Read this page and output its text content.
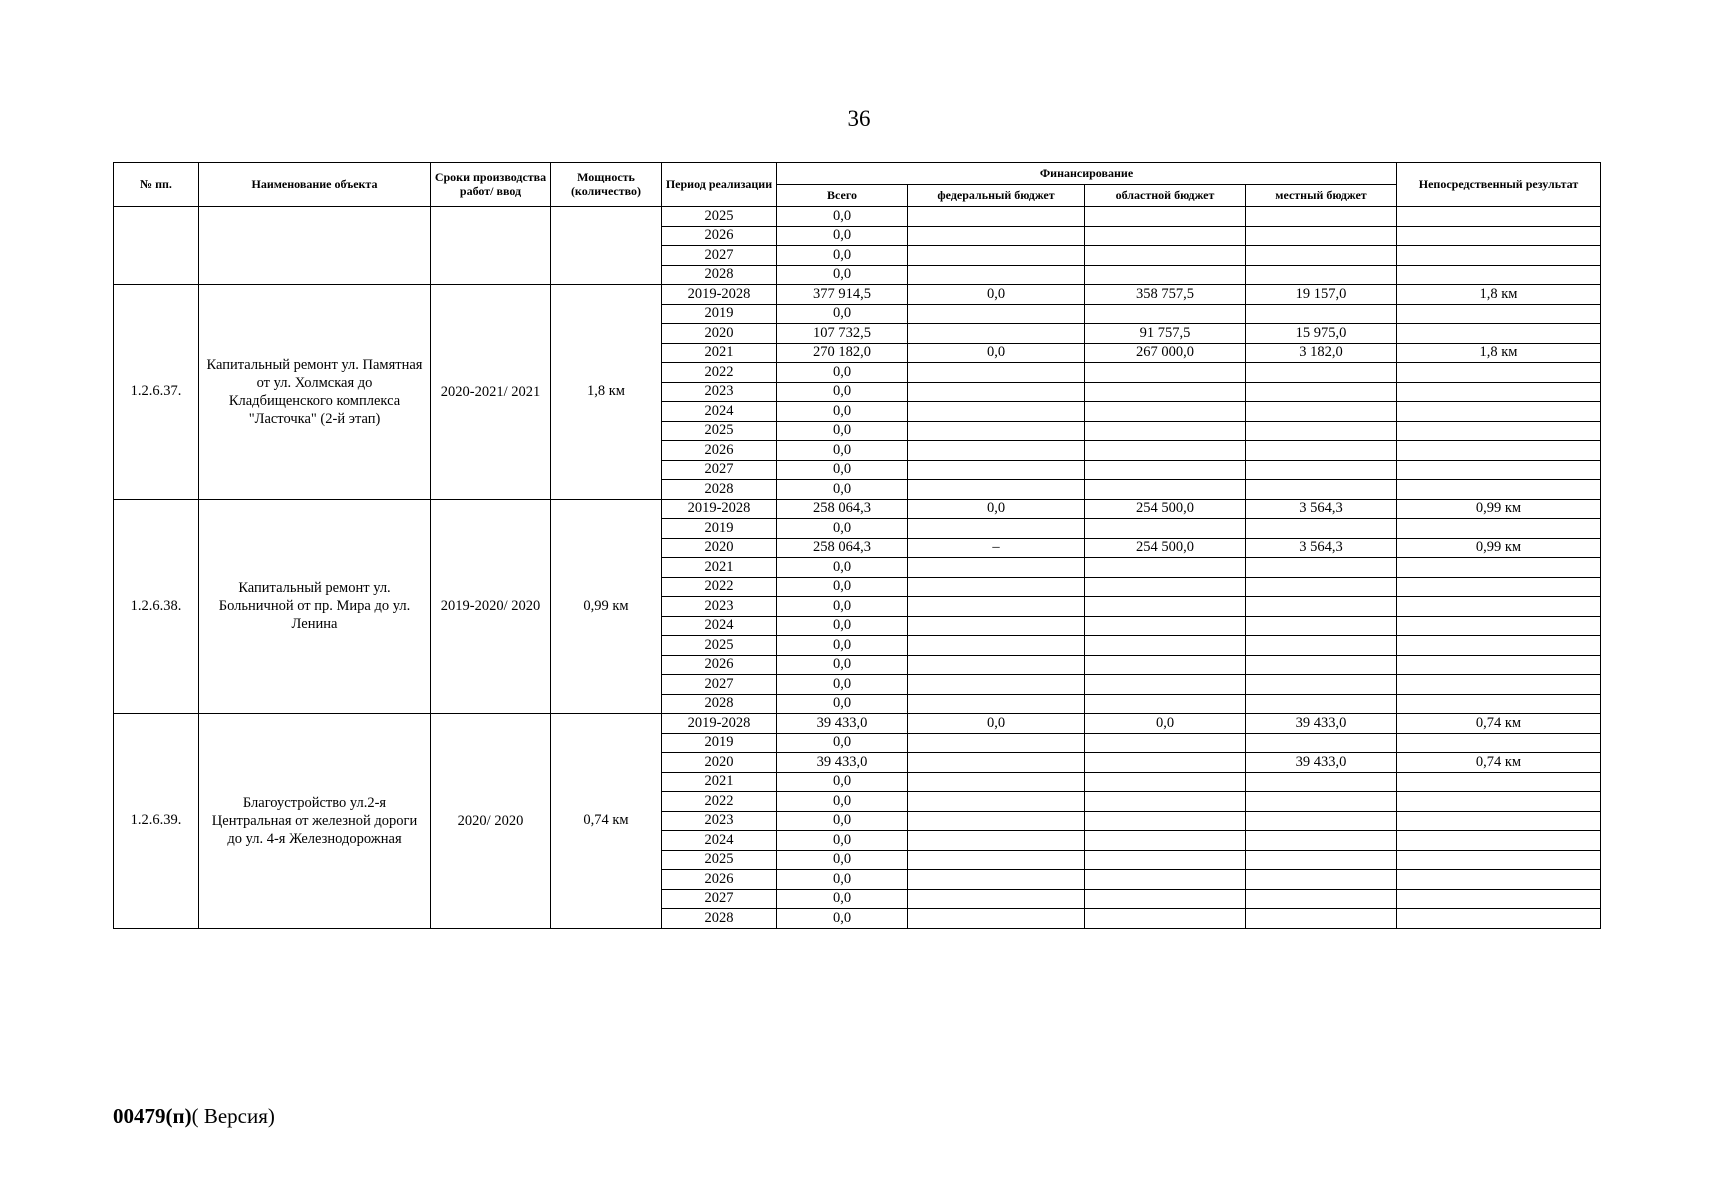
36
№ пп.	Наименование объекта	Сроки производства работ/ ввод	Мощность (количество)	Период реализации	Финансирование				Непосредственный результат
					Всего	федеральный бюджет	областной бюджет	местный бюджет	
				2025	0,0				
				2026	0,0				
				2027	0,0				
				2028	0,0				
1.2.6.37.	Капитальный ремонт ул. Памятная от ул. Холмская до Кладбищенского комплекса "Ласточка" (2-й этап)	2020-2021/ 2021	1,8 км	2019-2028	377 914,5	0,0	358 757,5	19 157,0	1,8 км
				2019	0,0				
				2020	107 732,5		91 757,5	15 975,0	
				2021	270 182,0	0,0	267 000,0	3 182,0	1,8 км
				2022	0,0				
				2023	0,0				
				2024	0,0				
				2025	0,0				
				2026	0,0				
				2027	0,0				
				2028	0,0				
1.2.6.38.	Капитальный ремонт ул. Больничной от пр. Мира до ул. Ленина	2019-2020/ 2020	0,99 км	2019-2028	258 064,3	0,0	254 500,0	3 564,3	0,99 км
				2019	0,0				
				2020	258 064,3	–	254 500,0	3 564,3	0,99 км
				2021	0,0				
				2022	0,0				
				2023	0,0				
				2024	0,0				
				2025	0,0				
				2026	0,0				
				2027	0,0				
				2028	0,0				
1.2.6.39.	Благоустройство ул.2-я Центральная от железной дороги до ул. 4-я Железнодорожная	2020/ 2020	0,74 км	2019-2028	39 433,0	0,0	0,0	39 433,0	0,74 км
				2019	0,0				
				2020	39 433,0			39 433,0	0,74 км
				2021	0,0				
				2022	0,0				
				2023	0,0				
				2024	0,0				
				2025	0,0				
				2026	0,0				
				2027	0,0				
				2028	0,0				
00479(п)( Версия)
